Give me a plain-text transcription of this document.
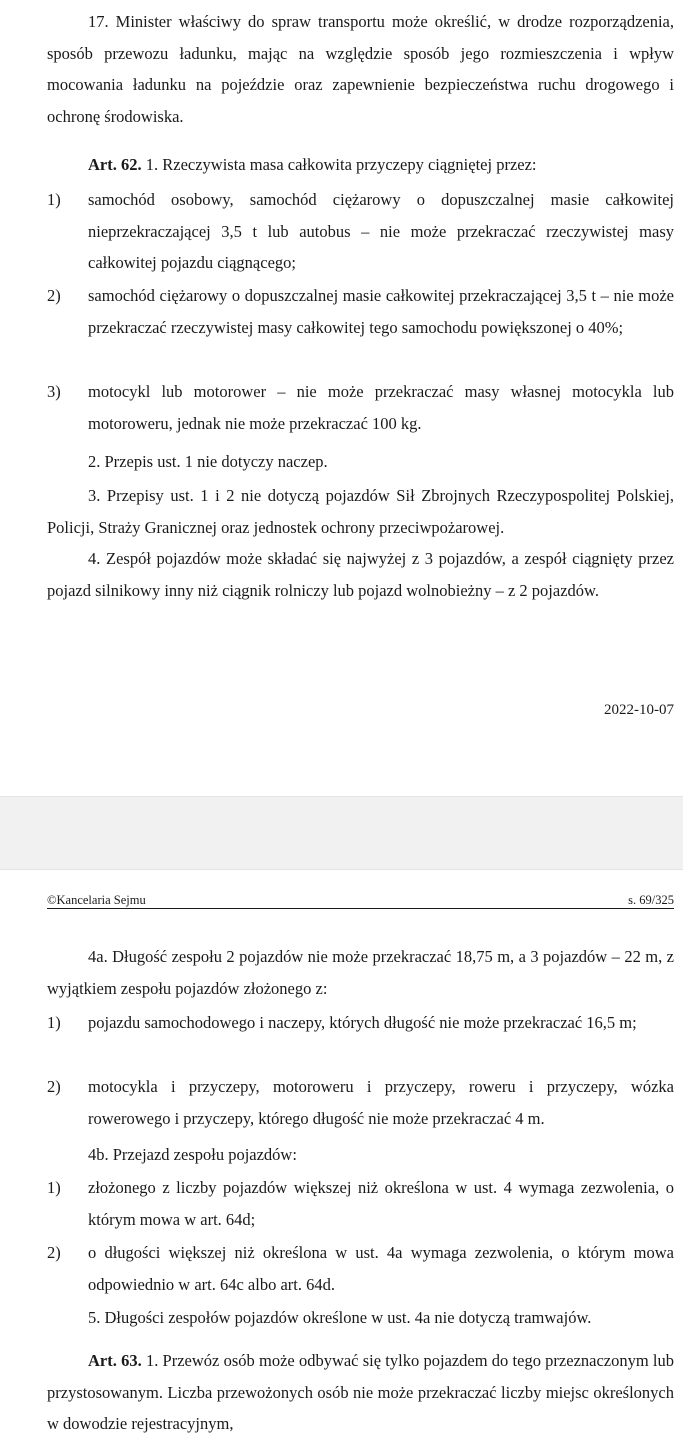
17. Minister właściwy do spraw transportu może określić, w drodze rozporządzenia, sposób przewozu ładunku, mając na względzie sposób jego rozmieszczenia i wpływ mocowania ładunku na pojeździe oraz zapewnienie bezpieczeństwa ruchu drogowego i ochronę środowiska.

Art. 62. 1. Rzeczywista masa całkowita przyczepy ciągniętej przez:

1) samochód osobowy, samochód ciężarowy o dopuszczalnej masie całkowitej nieprzekraczającej 3,5 t lub autobus – nie może przekraczać rzeczywistej masy całkowitej pojazdu ciągnącego;
2) samochód ciężarowy o dopuszczalnej masie całkowitej przekraczającej 3,5 t – nie może przekraczać rzeczywistej masy całkowitej tego samochodu powiększonej o 40%;
3) motocykl lub motorower – nie może przekraczać masy własnej motocykla lub motoroweru, jednak nie może przekraczać 100 kg.

2. Przepis ust. 1 nie dotyczy naczep.

3. Przepisy ust. 1 i 2 nie dotyczą pojazdów Sił Zbrojnych Rzeczypospolitej Polskiej, Policji, Straży Granicznej oraz jednostek ochrony przeciwpożarowej.

4. Zespół pojazdów może składać się najwyżej z 3 pojazdów, a zespół ciągnięty przez pojazd silnikowy inny niż ciągnik rolniczy lub pojazd wolnobieżny – z 2 pojazdów.

2022-10-07
©Kancelaria Sejmu	s. 69/325

4a. Długość zespołu 2 pojazdów nie może przekraczać 18,75 m, a 3 pojazdów – 22 m, z wyjątkiem zespołu pojazdów złożonego z:

1) pojazdu samochodowego i naczepy, których długość nie może przekraczać 16,5 m;
2) motocykla i przyczepy, motoroweru i przyczepy, roweru i przyczepy, wózka rowerowego i przyczepy, którego długość nie może przekraczać 4 m.

4b. Przejazd zespołu pojazdów:

1) złożonego z liczby pojazdów większej niż określona w ust. 4 wymaga zezwolenia, o którym mowa w art. 64d;
2) o długości większej niż określona w ust. 4a wymaga zezwolenia, o którym mowa odpowiednio w art. 64c albo art. 64d.

5. Długości zespołów pojazdów określone w ust. 4a nie dotyczą tramwajów.

Art. 63. 1. Przewóz osób może odbywać się tylko pojazdem do tego przeznaczonym lub przystosowanym. Liczba przewożonych osób nie może przekraczać liczby miejsc określonych w dowodzie rejestracyjnym,
